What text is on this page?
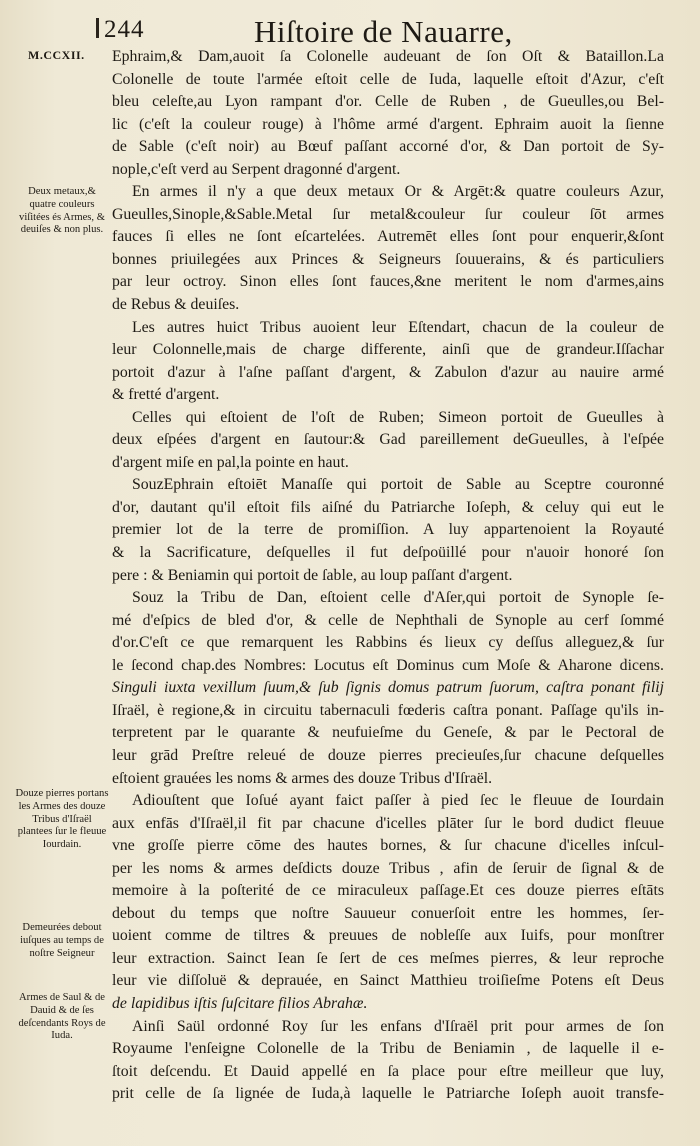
244	Hiſtoire de Nauarre,
M.CCXII.
Deux metaux,& quatre couleurs viſitées és Armes, & deuiſes & non plus.
Douze pierres portans les Armes des douze Tribus d'Iſraël plantees ſur le fleuue Iourdain.
Demeurées debout iuſques au temps de noſtre Seigneur
Armes de Saul & de Dauid & de ſes deſcendants Roys de Iuda.
Ephraim,& Dam,auoit ſa Colonelle audeuant de ſon Oſt & Bataillon.La
Colonelle de toute l'armée eſtoit celle de Iuda, laquelle eſtoit d'Azur, c'eſt
bleu celeſte,au Lyon rampant d'or. Celle de Ruben , de Gueulles,ou Bel-
lic (c'eſt la couleur rouge) à l'hôme armé d'argent. Ephraim auoit la ſienne
de Sable (c'eſt noir) au Bœuf paſſant accorné d'or, & Dan portoit de Sy-
nople,c'eſt verd au Serpent dragonné d'argent.
En armes il n'y a que deux metaux Or & Argēt:& quatre couleurs Azur,
Gueulles,Sinople,&Sable.Metal ſur metal&couleur ſur couleur ſōt armes
fauces ſi elles ne ſont eſcartelées. Autremēt elles ſont pour enquerir,&ſont
bonnes priuilegées aux Princes & Seigneurs ſouuerains, & és particuliers
par leur octroy. Sinon elles ſont fauces,&ne meritent le nom d'armes,ains
de Rebus & deuiſes.
Les autres huict Tribus auoient leur Eſtendart, chacun de la couleur de
leur Colonnelle,mais de charge differente, ainſi que de grandeur.Iſſachar
portoit d'azur à l'aſne paſſant d'argent, & Zabulon d'azur au nauire armé
& fretté d'argent.
Celles qui eſtoient de l'oſt de Ruben; Simeon portoit de Gueulles à
deux eſpées d'argent en ſautour:& Gad pareillement deGueulles, à l'eſpée
d'argent miſe en pal,la pointe en haut.
SouzEphrain eſtoiēt Manaſſe qui portoit de Sable au Sceptre couronné
d'or, dautant qu'il eſtoit fils aiſné du Patriarche Ioſeph, & celuy qui eut le
premier lot de la terre de promiſſion. A luy appartenoient la Royauté
& la Sacrificature, deſquelles il fut deſpoüillé pour n'auoir honoré ſon
pere : & Beniamin qui portoit de ſable, au loup paſſant d'argent.
Souz la Tribu de Dan, eſtoient celle d'Aſer,qui portoit de Synople ſe-
mé d'eſpics de bled d'or, & celle de Nephthali de Synople au cerf ſommé
d'or.C'eſt ce que remarquent les Rabbins és lieux cy deſſus alleguez,& ſur
le ſecond chap.des Nombres: Locutus eſt Dominus cum Moſe & Aharone dicens.
Singuli iuxta vexillum ſuum,& ſub ſignis domus patrum ſuorum, caſtra ponant filij
Iſraël, è regione,& in circuitu tabernaculi fœderis caſtra ponant. Paſſage qu'ils in-
terpretent par le quarante & neufuieſme du Geneſe, & par le Pectoral de
leur grād Preſtre releué de douze pierres precieuſes,ſur chacune deſquelles
eſtoient grauées les noms & armes des douze Tribus d'Iſraël.
Adiouſtent que Ioſué ayant faict paſſer à pied ſec le fleuue de Iourdain
aux enfās d'Iſraël,il fit par chacune d'icelles plāter ſur le bord dudict fleuue
vne groſſe pierre cōme des hautes bornes, & ſur chacune d'icelles inſcul-
per les noms & armes deſdicts douze Tribus , afin de ſeruir de ſignal & de
memoire à la poſterité de ce miraculeux paſſage.Et ces douze pierres eſtāts
debout du temps que noſtre Sauueur conuerſoit entre les hommes, ſer-
uoient comme de tiltres & preuues de nobleſſe aux Iuifs, pour monſtrer
leur extraction. Sainct Iean ſe ſert de ces meſmes pierres, & leur reproche
leur vie diſſoluë & deprauée, en Sainct Matthieu troiſieſme Potens eſt Deus
de lapidibus iſtis ſuſcitare filios Abrahæ.
Ainſi Saül ordonné Roy ſur les enfans d'Iſraël prit pour armes de ſon
Royaume l'enſeigne Colonelle de la Tribu de Beniamin , de laquelle il e-
ſtoit deſcendu. Et Dauid appellé en ſa place pour eſtre meilleur que luy,
prit celle de ſa lignée de Iuda,à laquelle le Patriarche Ioſeph auoit transfe-
